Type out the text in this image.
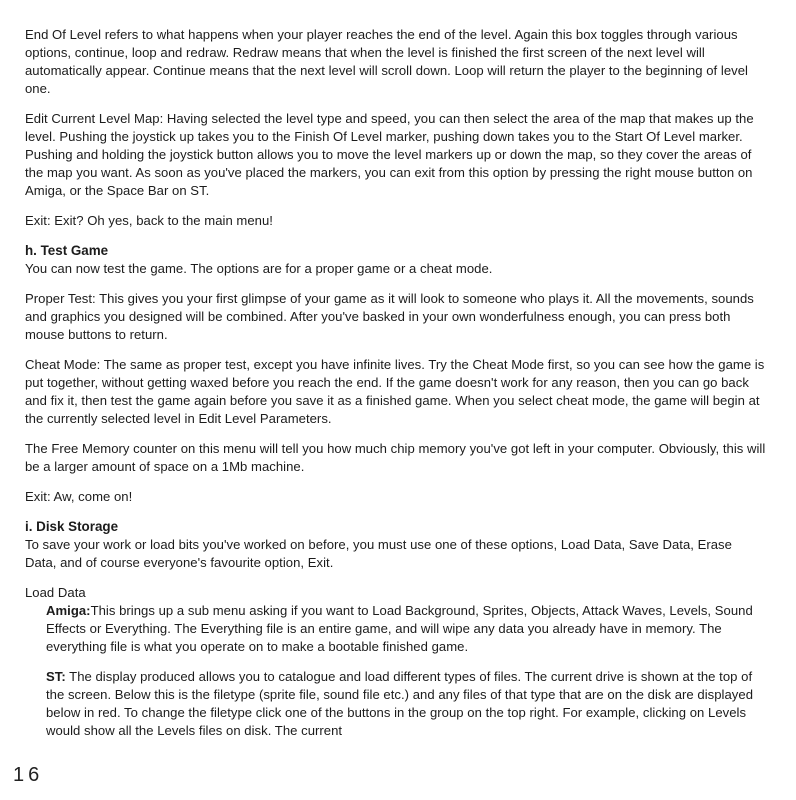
End Of Level refers to what happens when your player reaches the end of the level. Again this box toggles through various options, continue, loop and redraw. Redraw means that when the level is finished the first screen of the next level will automatically appear. Continue means that the next level will scroll down. Loop will return the player to the beginning of level one.

Edit Current Level Map: Having selected the level type and speed, you can then select the area of the map that makes up the level. Pushing the joystick up takes you to the Finish Of Level marker, pushing down takes you to the Start Of Level marker. Pushing and holding the joystick button allows you to move the level markers up or down the map, so they cover the areas of the map you want. As soon as you've placed the markers, you can exit from this option by pressing the right mouse button on Amiga, or the Space Bar on ST.

Exit: Exit? Oh yes, back to the main menu!

h. Test Game

You can now test the game. The options are for a proper game or a cheat mode.

Proper Test: This gives you your first glimpse of your game as it will look to someone who plays it. All the movements, sounds and graphics you designed will be combined. After you've basked in your own wonderfulness enough, you can press both mouse buttons to return.

Cheat Mode: The same as proper test, except you have infinite lives. Try the Cheat Mode first, so you can see how the game is put together, without getting waxed before you reach the end. If the game doesn't work for any reason, then you can go back and fix it, then test the game again before you save it as a finished game. When you select cheat mode, the game will begin at the currently selected level in Edit Level Parameters.

The Free Memory counter on this menu will tell you how much chip memory you've got left in your computer. Obviously, this will be a larger amount of space on a 1Mb machine.

Exit: Aw, come on!

i. Disk Storage

To save your work or load bits you've worked on before, you must use one of these options, Load Data, Save Data, Erase Data, and of course everyone's favourite option, Exit.

Load Data

Amiga:This brings up a sub menu asking if you want to Load Background, Sprites, Objects, Attack Waves, Levels, Sound Effects or Everything. The Everything file is an entire game, and will wipe any data you already have in memory. The everything file is what you operate on to make a bootable finished game.

ST: The display produced allows you to catalogue and load different types of files. The current drive is shown at the top of the screen. Below this is the filetype (sprite file, sound file etc.) and any files of that type that are on the disk are displayed below in red. To change the filetype click one of the buttons in the group on the top right. For example, clicking on Levels would show all the Levels files on disk. The current

16
